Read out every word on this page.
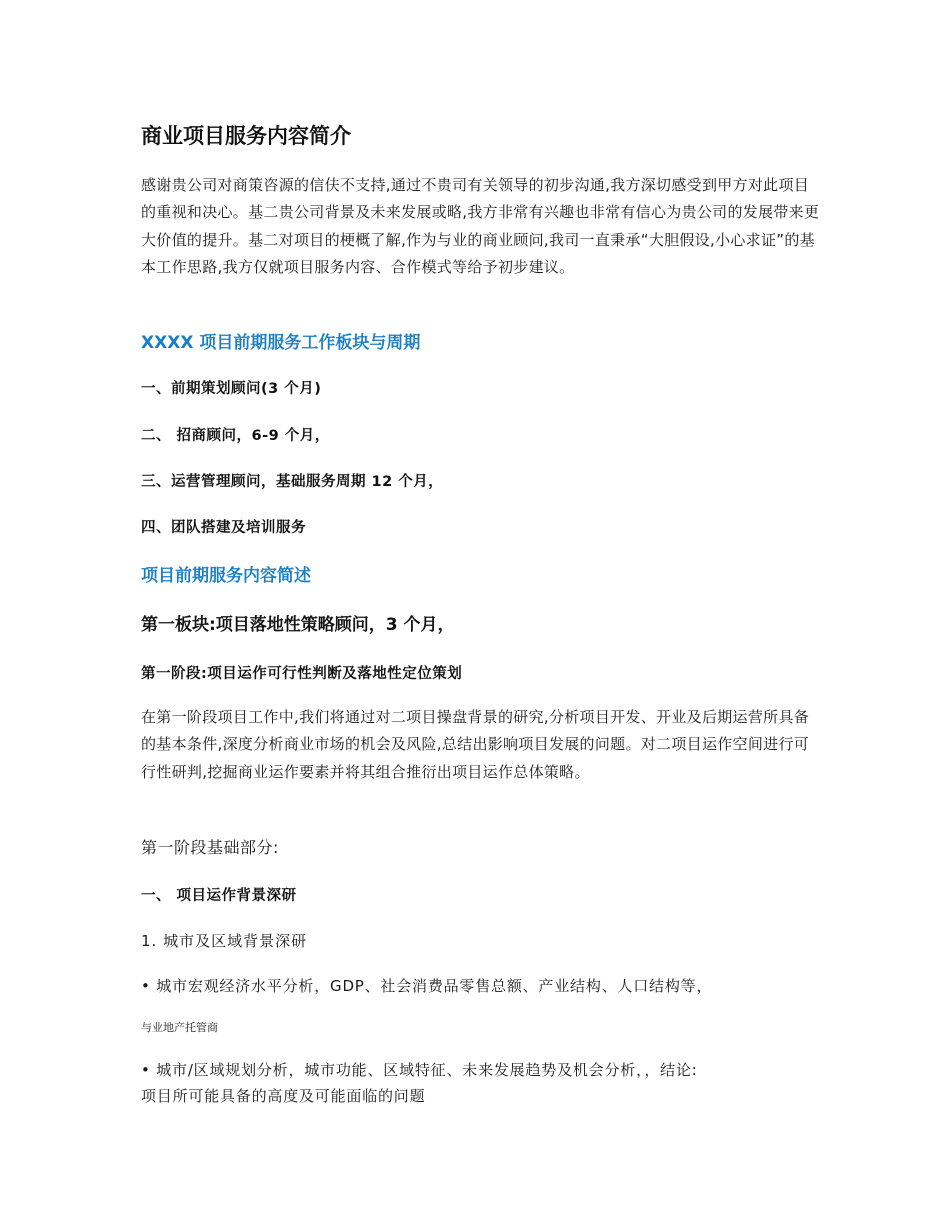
商业项目服务内容简介

感谢贵公司对商策咨源的信伕不支持,通过不贵司有关领导的初步沟通,我方深切感受到甲方对此项目的重视和决心。基二贵公司背景及未来发展或略,我方非常有兴趣也非常有信心为贵公司的发展带来更大价值的提升。基二对项目的梗概了解,作为与业的商业顾问,我司一直秉承“大胆假设,小心求证”的基本工作思路,我方仅就项目服务内容、合作模式等给予初步建议。

XXXX 项目前期服务工作板块与周期
一、前期策划顾问(3 个月)
二、 招商顾问，6-9 个月，
三、运营管理顾问，基础服务周期 12 个月，
四、团队搭建及培训服务
项目前期服务内容简述
第一板块:项目落地性策略顾问，3 个月，
第一阶段:项目运作可行性判断及落地性定位策划

在第一阶段项目工作中,我们将通过对二项目操盘背景的研究,分析项目开发、开业及后期运营所具备的基本条件,深度分析商业市场的机会及风险,总结出影响项目发展的问题。对二项目运作空间进行可行性研判,挖掘商业运作要素并将其组合推衍出项目运作总体策略。

第一阶段基础部分:
一、 项目运作背景深研
1. 城市及区域背景深研
• 城市宏观经济水平分析，GDP、社会消费品零售总额、产业结构、人口结构等，
与业地产托管商
• 城市/区域规划分析，城市功能、区域特征、未来发展趋势及机会分析，，结论:
项目所可能具备的高度及可能面临的问题
